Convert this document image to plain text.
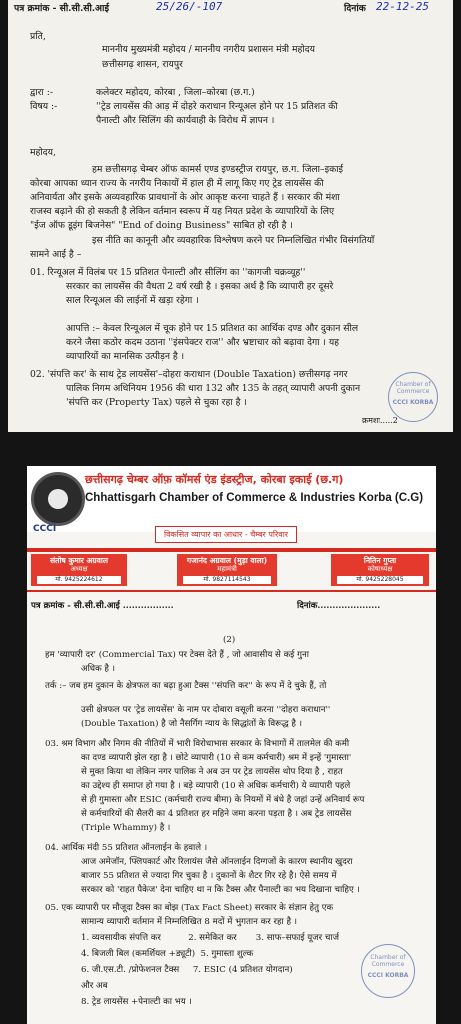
पत्र क्रमांक - सी.सी.सी.आई	25/26/-107	दिनांक 22-12-25
प्रति,
माननीय मुख्यमंत्री महोदय / माननीय नगरीय प्रशासन मंत्री महोदय
छत्तीसगढ़ शासन, रायपुर
द्वारा :-	कलेक्टर महोदय, कोरबा , जिला–कोरबा (छ.ग.)
विषय :-	''ट्रेड लायसेंस की आड़ में दोहरे कराधान रिन्यूअल होने पर 15 प्रतिशत की
पैनाल्टी और सिलिंग की कार्यवाही के विरोध में ज्ञापन ।
महोदय,
हम छत्तीसगढ़ चेम्बर ऑफ कामर्स एण्ड इण्डस्ट्रीज रायपुर, छ.ग. जिला–इकाई
कोरबा आपका ध्यान राज्य के नगरीय निकायों में हाल ही में लागू किए गए ट्रेड लायसेंस की
अनिवार्यता और इसके अव्यवहारिक प्रावधानों के ओर आकृष्ट करना चाहते हैं । सरकार की मंशा
राजस्व बढ़ाने की हो सकती है लेकिन वर्तमान स्वरूप में यह नियत प्रदेश के व्यापारियों के लिए
"ईज ऑफ डूइंग बिजनेस" "End of doing Business" साबित हो रही है ।
इस नीति का कानूनी और व्यवहारिक विश्लेषण करने पर निम्नलिखित गंभीर विसंगतियाँ
सामने आई है –
01. रिन्यूअल में विलंब पर 15 प्रतिशत पेनाल्टी और सीलिंग का ''कागजी चक्रव्यूह''
सरकार का लायसेंस की वैधता 2 वर्ष रखी है । इसका अर्थ है कि व्यापारी हर दूसरे
साल रिन्यूअल की लाईनों में खड़ा रहेगा ।
आपत्ति :– केवल रिन्यूअल में चूक होने पर 15 प्रतिशत का आर्थिक दण्ड और दुकान सील
करने जैसा कठोर कदम उठाना ''इंसपेक्टर राज'' और भ्रष्टाचार को बढ़ावा देगा । यह
व्यापारियों का मानसिक उत्पीड़न है ।
02. 'संपत्ति कर' के साथ ट्रेड लायसेंस'–दोहरा कराधान (Double Taxation) छत्तीसगढ़ नगर
पालिक निगम अधिनियम 1956 की धारा 132 और 135 के तहत् व्यापारी अपनी दुकान
'संपत्ति कर (Property Tax) पहले से चुका रहा है ।
क्रमशः.....2
Chamber of Commerce
CCCI KORBA
CCCI
छत्तीसगढ़ चेम्बर ऑफ़ कॉमर्स एंड इंडस्ट्रीज, कोरबा इकाई (छ.ग)
Chhattisgarh Chamber of Commerce & Industries Korba (C.G)
विकसित व्यापार का आधार - चैम्बर परिवार
संतोष कुमार अग्रवाल
अध्यक्ष
मो. 9425224612
गजानंद अग्रवाल (मुड़ा वाला)
महामंत्री
मो. 9827114543
नितिन गुप्ता
कोषाध्यक्ष
मो. 9425228045
पत्र क्रमांक - सी.सी.सी.आई .................	दिनांक.....................
(2)
हम 'व्यापारी दर' (Commercial Tax) पर टेक्स देते हैं , जो आवासीय से कई गुना
अधिक है ।
तर्क :– जब हम दुकान के क्षेत्रफल का बढ़ा हुआ टैक्स ''संपत्ति कर'' के रूप में दे चुके हैं, तो
उसी क्षेत्रफल पर 'ट्रेड लायसेंस' के नाम पर दोबारा वसूली करना ''दोहरा कराधान''
(Double Taxation) है जो नैसर्गिग न्याय के सिद्धांतों के विरूद्ध है ।
03. श्रम विभाग और निगम की नीतियों में भारी विरोधाभास सरकार के विभागों में तालमेल की कमी
का दण्ड व्यापारी झेल रहा है । छोटे व्यापारी (10 से कम कर्मचारी) श्रम में इन्हें 'गुमास्ता'
से मुक्त किया था लेकिन नगर पालिक ने अब उन पर ट्रेड लायसेंस थोप दिया है , राहत
का उद्देश्य ही समाप्त हो गया है । बड़े व्यापारी (10 से अधिक कर्मचारी) ये व्यापारी पहले
से ही गुमास्ता और ESIC (कर्मचारी राज्य बीमा) के नियमों में बंधे है जहां उन्हें अनिवार्य रूप
से कर्मचारियों की सैलरी का 4 प्रतिशत हर महिने जमा करना पड़ता है । अब ट्रेड लायसेंस
(Triple Whammy) है ।
04. आर्थिक मंदी 55 प्रतिशत ऑनलाईन के हवाले ।
आज अमेजॉन, फ्लिपकार्ट और रिलायंस जैसे ऑनलाईन दिग्गजों के कारण स्थानीय खुदरा
बाजार 55 प्रतिशत से ज्यादा गिर चुका है । दुकानों के शैटर गिर रहे है। ऐसे समय में
सरकार को 'राहत पैकेज' देना चाहिए था न कि टैक्स और पैनाल्टी का भय दिखाना चाहिए ।
05. एक व्यापारी पर मौजूदा टैक्स का बोझ (Tax Fact Sheet) सरकार के संज्ञान हेतु एक
सामान्य व्यापारी वर्तमान में निम्नलिखित 8 मदों में भुगतान कर रहा है ।
1. व्यवसायीक संपत्ति कर          2. समेकित कर       3. साफ–सफाई यूजर चार्ज
4. बिजली बिल (कमर्शियल +ड्यूटी)  5. गुमास्ता शुल्क
6. जी.एस.टी. /प्रोफेशनल टैक्स     7. ESIC (4 प्रतिशत योगदान)
और अब
8. ट्रेड लायसेंस +पेनाल्टी का भय ।
Chamber of Commerce
CCCI KORBA
